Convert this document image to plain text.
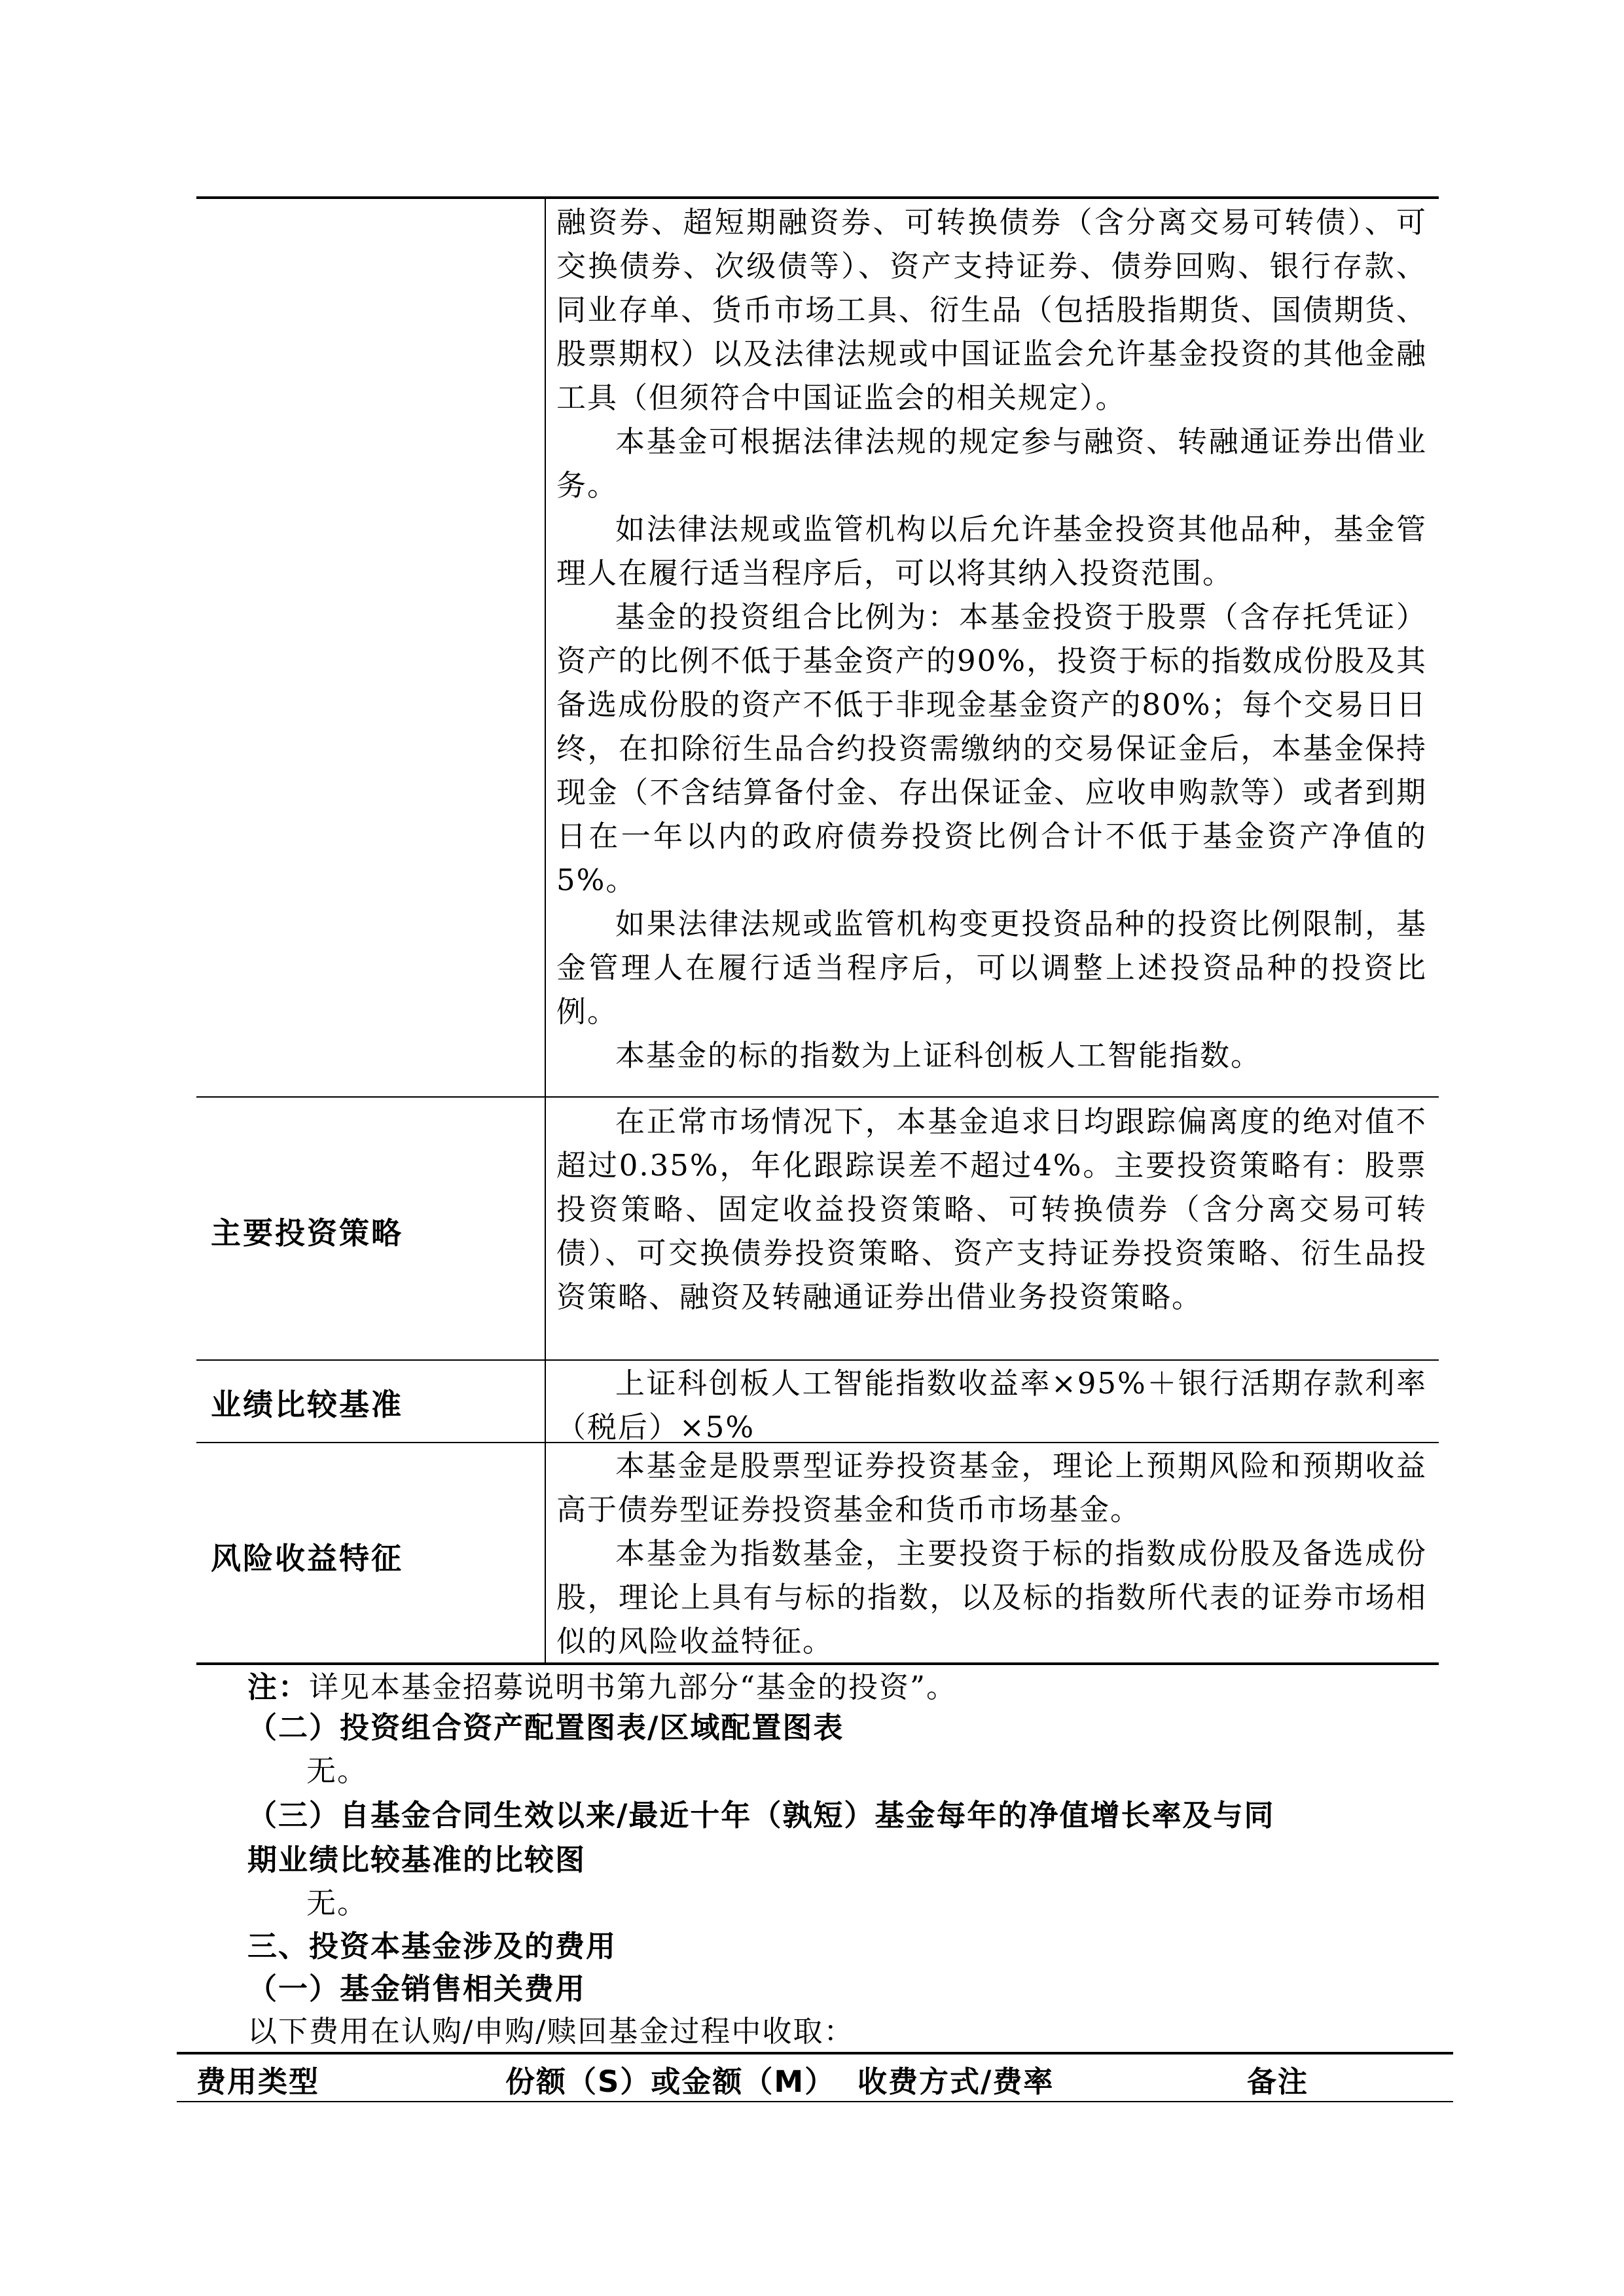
融资券、超短期融资券、可转换债券（含分离交易可转债）、可交换债券、次级债等）、资产支持证券、债券回购、银行存款、同业存单、货币市场工具、衍生品（包括股指期货、国债期货、股票期权）以及法律法规或中国证监会允许基金投资的其他金融工具（但须符合中国证监会的相关规定）。

本基金可根据法律法规的规定参与融资、转融通证券出借业务。

如法律法规或监管机构以后允许基金投资其他品种，基金管理人在履行适当程序后，可以将其纳入投资范围。

基金的投资组合比例为：本基金投资于股票（含存托凭证）资产的比例不低于基金资产的90%，投资于标的指数成份股及其备选成份股的资产不低于非现金基金资产的80%；每个交易日日终，在扣除衍生品合约投资需缴纳的交易保证金后，本基金保持现金（不含结算备付金、存出保证金、应收申购款等）或者到期日在一年以内的政府债券投资比例合计不低于基金资产净值的5%。

如果法律法规或监管机构变更投资品种的投资比例限制，基金管理人在履行适当程序后，可以调整上述投资品种的投资比例。

本基金的标的指数为上证科创板人工智能指数。

主要投资策略

在正常市场情况下，本基金追求日均跟踪偏离度的绝对值不超过0.35%，年化跟踪误差不超过4%。主要投资策略有：股票投资策略、固定收益投资策略、可转换债券（含分离交易可转债）、可交换债券投资策略、资产支持证券投资策略、衍生品投资策略、融资及转融通证券出借业务投资策略。

业绩比较基准

上证科创板人工智能指数收益率×95%＋银行活期存款利率（税后）×5%

风险收益特征

本基金是股票型证券投资基金，理论上预期风险和预期收益高于债券型证券投资基金和货币市场基金。

本基金为指数基金，主要投资于标的指数成份股及备选成份股，理论上具有与标的指数，以及标的指数所代表的证券市场相似的风险收益特征。

注：详见本基金招募说明书第九部分“基金的投资”。
（二）投资组合资产配置图表/区域配置图表
无。
（三）自基金合同生效以来/最近十年（孰短）基金每年的净值增长率及与同
期业绩比较基准的比较图
无。
三、投资本基金涉及的费用
（一）基金销售相关费用
以下费用在认购/申购/赎回基金过程中收取：
费用类型	份额（S）或金额（M） 收费方式/费率	备注
